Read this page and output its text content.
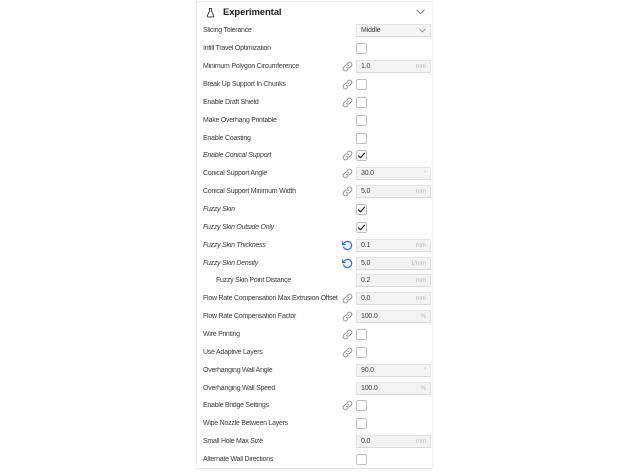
Experimental
Slicing Tolerance	Middle
Infill Travel Optimization
Minimum Polygon Circumference	1.0	mm
Break Up Support In Chunks
Enable Draft Shield
Make Overhang Printable
Enable Coasting
Enable Conical Support
Conical Support Angle	30.0	°
Conical Support Minimum Width	5.0	mm
Fuzzy Skin
Fuzzy Skin Outside Only
Fuzzy Skin Thickness	0.1	mm
Fuzzy Skin Density	5.0	1/mm
Fuzzy Skin Point Distance	0.2	mm
Flow Rate Compensation Max Extrusion Offset	0.0	mm
Flow Rate Compensation Factor	100.0	%
Wire Printing
Use Adaptive Layers
Overhanging Wall Angle	90.0	°
Overhanging Wall Speed	100.0	%
Enable Bridge Settings
Wipe Nozzle Between Layers
Small Hole Max Size	0.0	mm
Alternate Wall Directions
